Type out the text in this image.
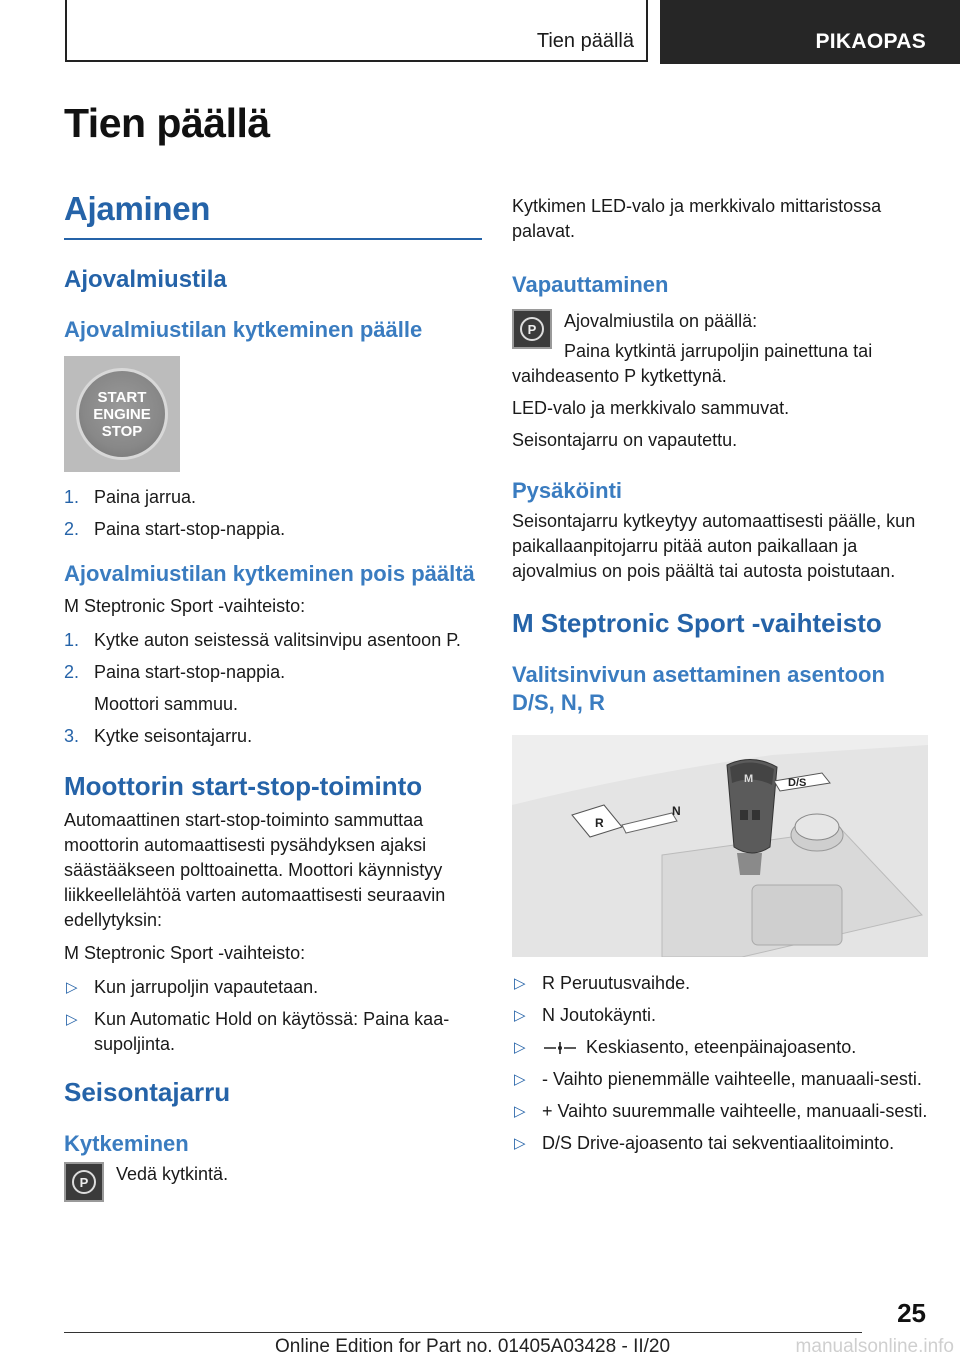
Tien päällä	PIKAOPAS
Tien päällä
Ajaminen
Ajovalmiustila
Ajovalmiustilan kytkeminen päälle
START
ENGINE
STOP
1. Paina jarrua.
2. Paina start-stop-nappia.
Ajovalmiustilan kytkeminen pois päältä

M Steptronic Sport -vaihteisto:

1. Kytke auton seistessä valitsinvipu asentoon P.
2. Paina start-stop-nappia.
Moottori sammuu.
3. Kytke seisontajarru.
Moottorin start-stop-toiminto

Automaattinen start-stop-toiminto sammuttaa moottorin automaattisesti pysähdyksen ajaksi säästääkseen polttoainetta. Moottori käynnistyy liikkeellelähtöä varten automaattisesti seuraavin edellytyksin:

M Steptronic Sport -vaihteisto:

▷ Kun jarrupoljin vapautetaan.
▷ Kun Automatic Hold on käytössä: Paina kaa-supoljinta.
Seisontajarru
Kytkeminen
P	Vedä kytkintä.

Kytkimen LED-valo ja merkkivalo mittaristossa palavat.

Vapauttaminen
P	Ajovalmiustila on päällä:

Paina kytkintä jarrupoljin painettuna tai vaihdeasento P kytkettynä.

LED-valo ja merkkivalo sammuvat.

Seisontajarru on vapautettu.

Pysäköinti

Seisontajarru kytkeytyy automaattisesti päälle, kun paikallaanpitojarru pitää auton paikallaan ja ajovalmius on pois päältä tai autosta poistutaan.

M Steptronic Sport -vaihteisto
Valitsinvivun asettaminen asentoon D/S, N, R
M
R
N
D/S
▷ R Peruutusvaihde.
▷ N Joutokäynti.
▷	Keskiasento, eteenpäinajoasento.
▷ - Vaihto pienemmälle vaihteelle, manuaali-sesti.
▷ + Vaihto suuremmalle vaihteelle, manuaali-sesti.
▷ D/S Drive-ajoasento tai sekventiaalitoiminto.
25
Online Edition for Part no. 01405A03428 - II/20	manualsonline.info
